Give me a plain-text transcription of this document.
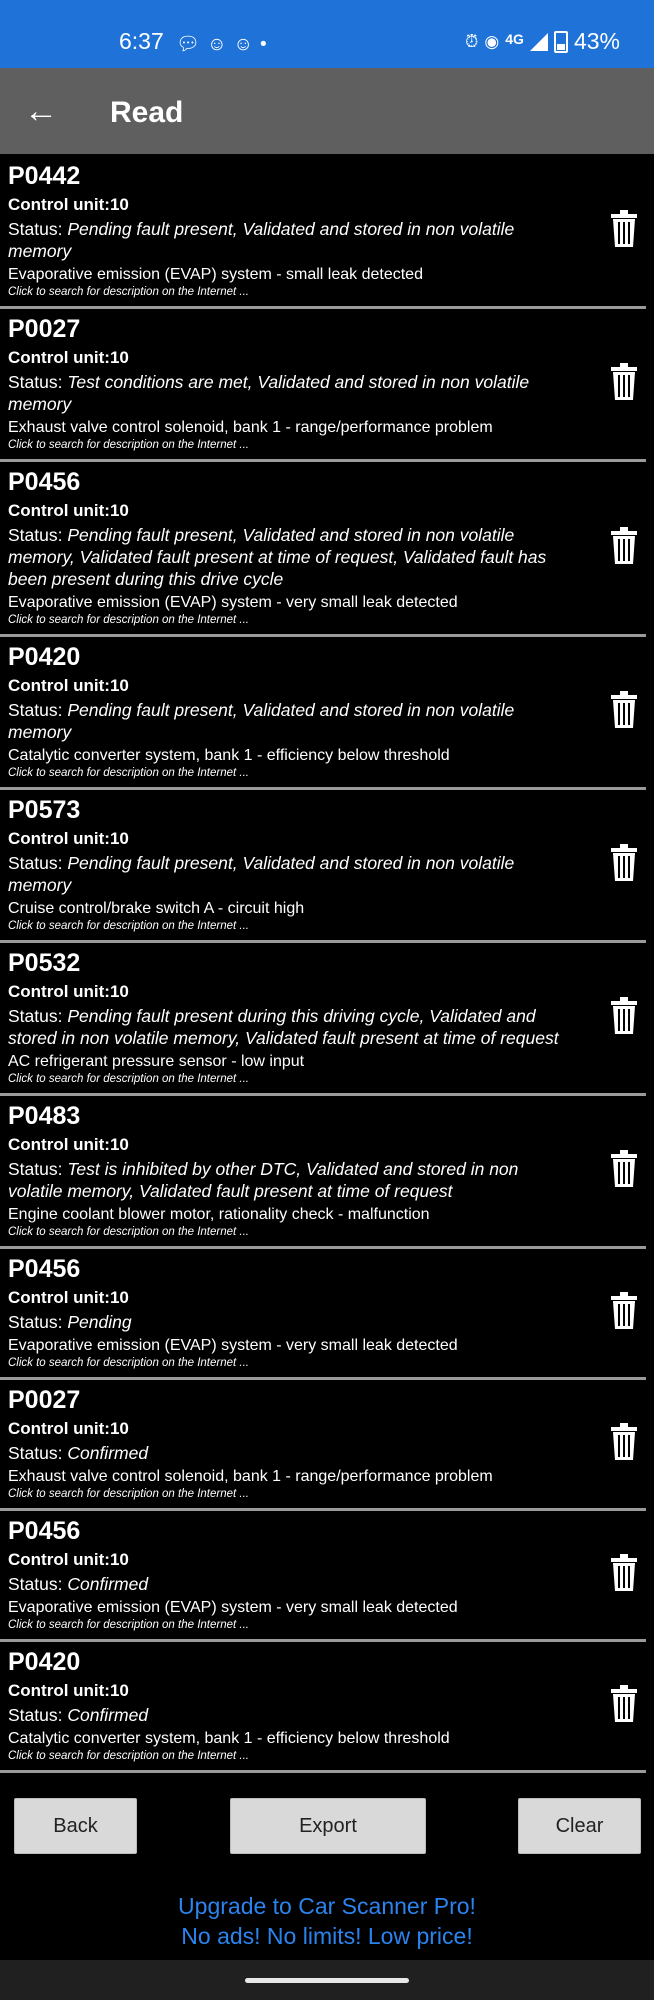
6:37 💬︎☺☺•	⏰︎ ◉ 4G 43%
← Read
P0442
Control unit:10
Status: Pending fault present, Validated and stored in non volatile memory
Evaporative emission (EVAP) system - small leak detected
Click to search for description on the Internet ...
P0027
Control unit:10
Status: Test conditions are met, Validated and stored in non volatile memory
Exhaust valve control solenoid, bank 1 - range/performance problem
Click to search for description on the Internet ...
P0456
Control unit:10
Status: Pending fault present, Validated and stored in non volatile memory, Validated fault present at time of request, Validated fault has been present during this drive cycle
Evaporative emission (EVAP) system - very small leak detected
Click to search for description on the Internet ...
P0420
Control unit:10
Status: Pending fault present, Validated and stored in non volatile memory
Catalytic converter system, bank 1 - efficiency below threshold
Click to search for description on the Internet ...
P0573
Control unit:10
Status: Pending fault present, Validated and stored in non volatile memory
Cruise control/brake switch A - circuit high
Click to search for description on the Internet ...
P0532
Control unit:10
Status: Pending fault present during this driving cycle, Validated and stored in non volatile memory, Validated fault present at time of request
AC refrigerant pressure sensor - low input
Click to search for description on the Internet ...
P0483
Control unit:10
Status: Test is inhibited by other DTC, Validated and stored in non volatile memory, Validated fault present at time of request
Engine coolant blower motor, rationality check - malfunction
Click to search for description on the Internet ...
P0456
Control unit:10
Status: Pending
Evaporative emission (EVAP) system - very small leak detected
Click to search for description on the Internet ...
P0027
Control unit:10
Status: Confirmed
Exhaust valve control solenoid, bank 1 - range/performance problem
Click to search for description on the Internet ...
P0456
Control unit:10
Status: Confirmed
Evaporative emission (EVAP) system - very small leak detected
Click to search for description on the Internet ...
P0420
Control unit:10
Status: Confirmed
Catalytic converter system, bank 1 - efficiency below threshold
Click to search for description on the Internet ...
Back	Export	Clear
Upgrade to Car Scanner Pro!
No ads! No limits! Low price!
